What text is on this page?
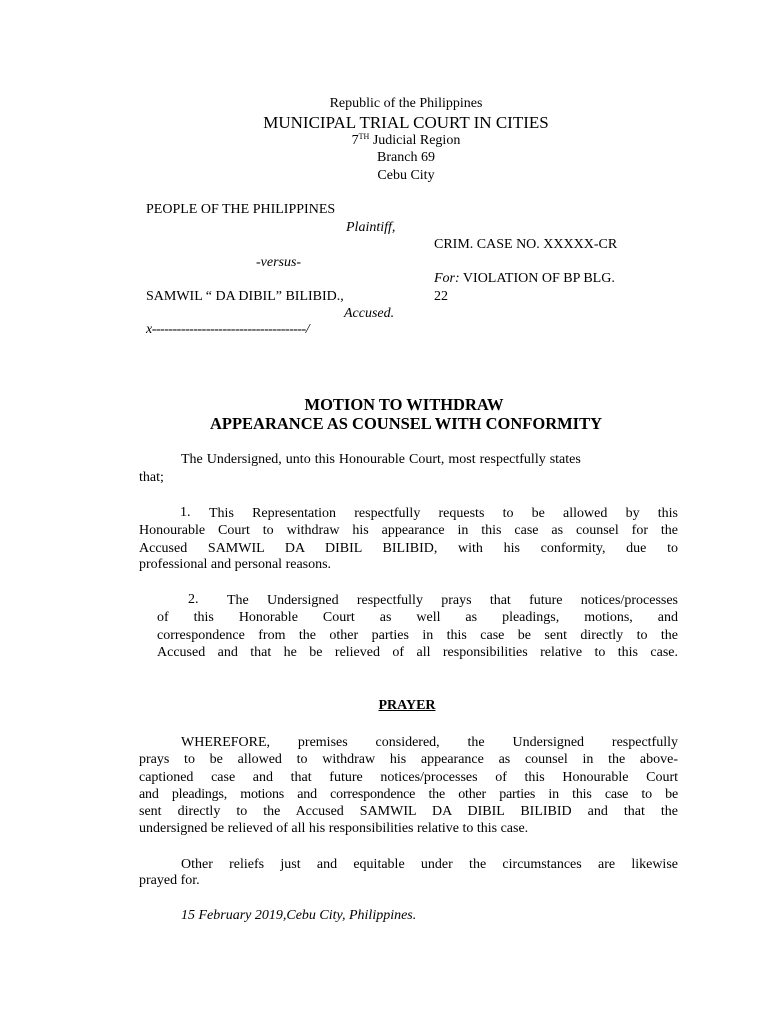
Republic of the Philippines
MUNICIPAL TRIAL COURT IN CITIES
7TH Judicial Region
Branch 69
Cebu City
PEOPLE OF THE PHILIPPINES
Plaintiff,
-versus-
SAMWIL “ DA DIBIL” BILIBID.,
Accused.
x-------------------------------------/
CRIM. CASE NO. XXXXX-CR
For: VIOLATION OF BP BLG.
22
MOTION TO WITHDRAW
APPEARANCE AS COUNSEL WITH CONFORMITY
The Undersigned, unto this Honourable Court, most respectfully states
that;
1. This Representation respectfully requests to be allowed by this
Honourable Court to withdraw his appearance in this case as counsel for the
Accused SAMWIL DA DIBIL BILIBID, with his conformity, due to
professional and personal reasons.
2. The Undersigned respectfully prays that future notices/processes
of this Honorable Court as well as pleadings, motions, and
correspondence from the other parties in this case be sent directly to the
Accused and that he be relieved of all responsibilities relative to this case.
PRAYER
WHEREFORE, premises considered, the Undersigned respectfully
prays to be allowed to withdraw his appearance as counsel in the above-
captioned case and that future notices/processes of this Honourable Court
and pleadings, motions and correspondence the other parties in this case to be
sent directly to the Accused SAMWIL DA DIBIL BILIBID and that the
undersigned be relieved of all his responsibilities relative to this case.
Other reliefs just and equitable under the circumstances are likewise
prayed for.
15 February 2019,Cebu City, Philippines.
